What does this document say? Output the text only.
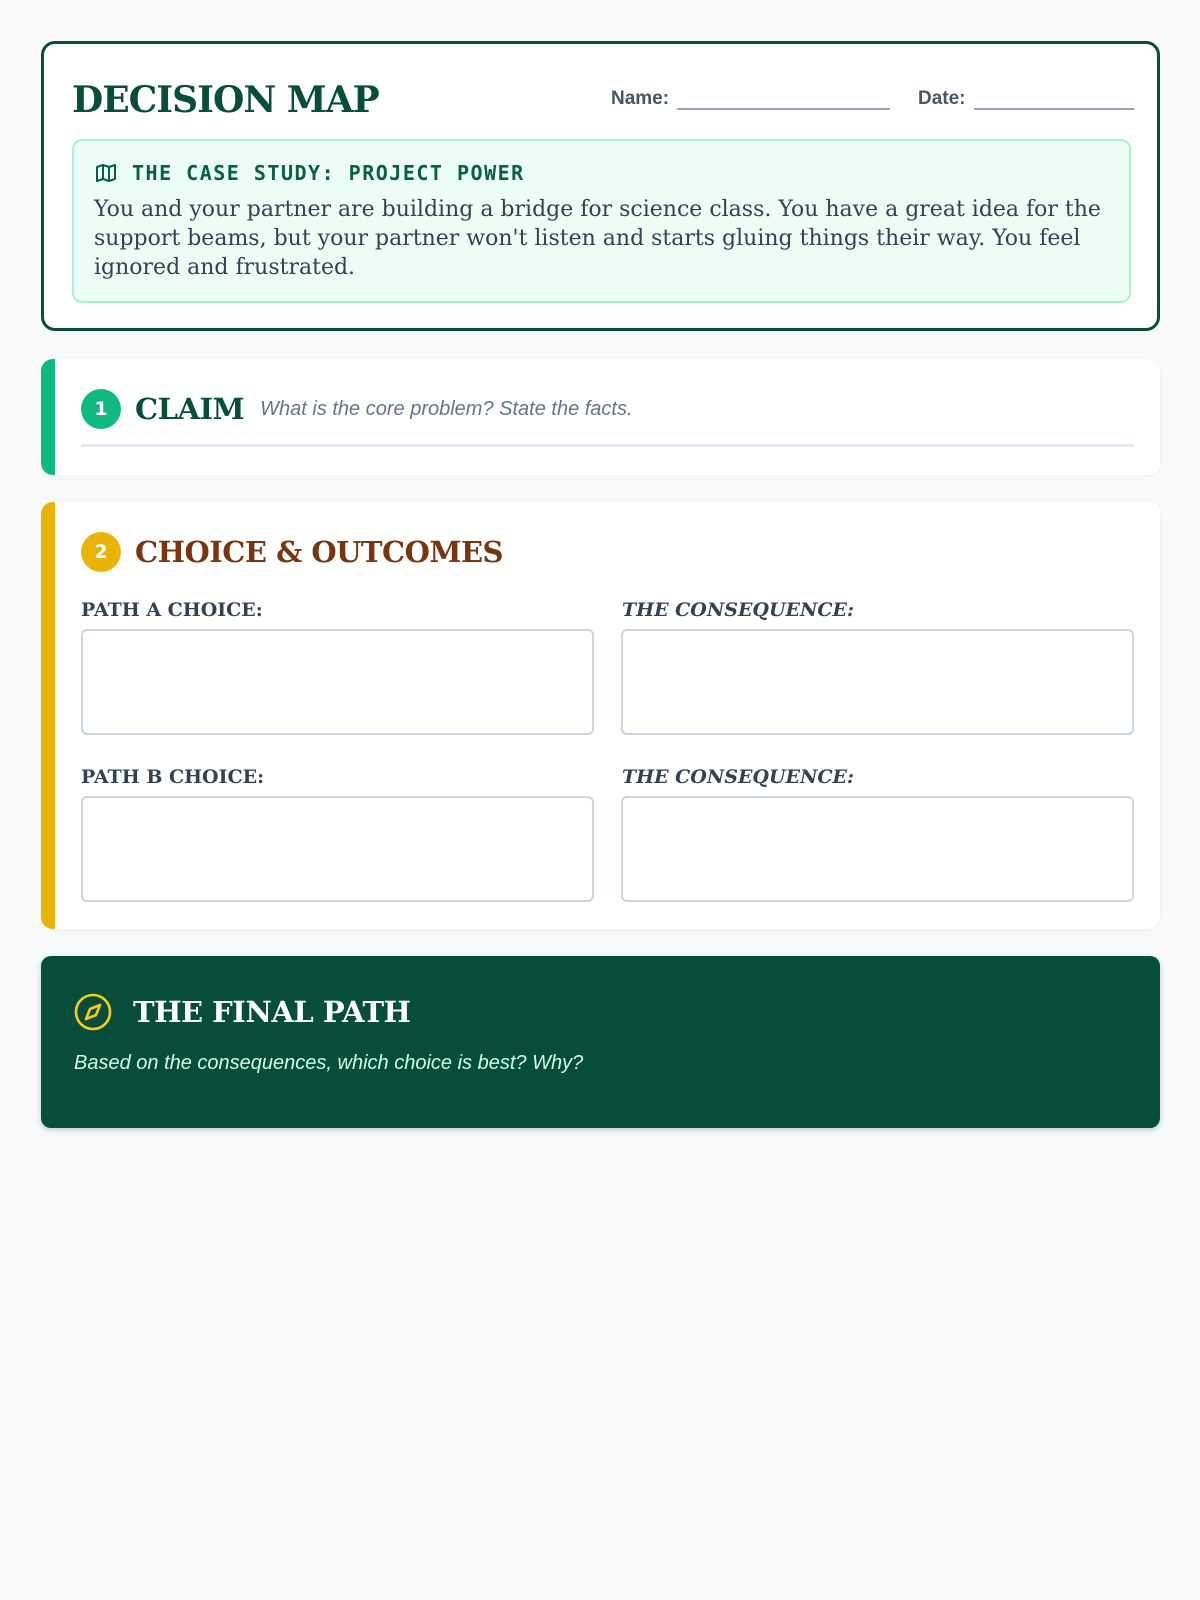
DECISION MAP	Name:	Date:
THE CASE STUDY: PROJECT POWER
You and your partner are building a bridge for science class. You have a great idea for the support beams, but your partner won't listen and starts gluing things their way. You feel ignored and frustrated.
1 CLAIM What is the core problem? State the facts.
2 CHOICE & OUTCOMES
PATH A CHOICE:	THE CONSEQUENCE:
PATH B CHOICE:	THE CONSEQUENCE:
THE FINAL PATH
Based on the consequences, which choice is best? Why?
